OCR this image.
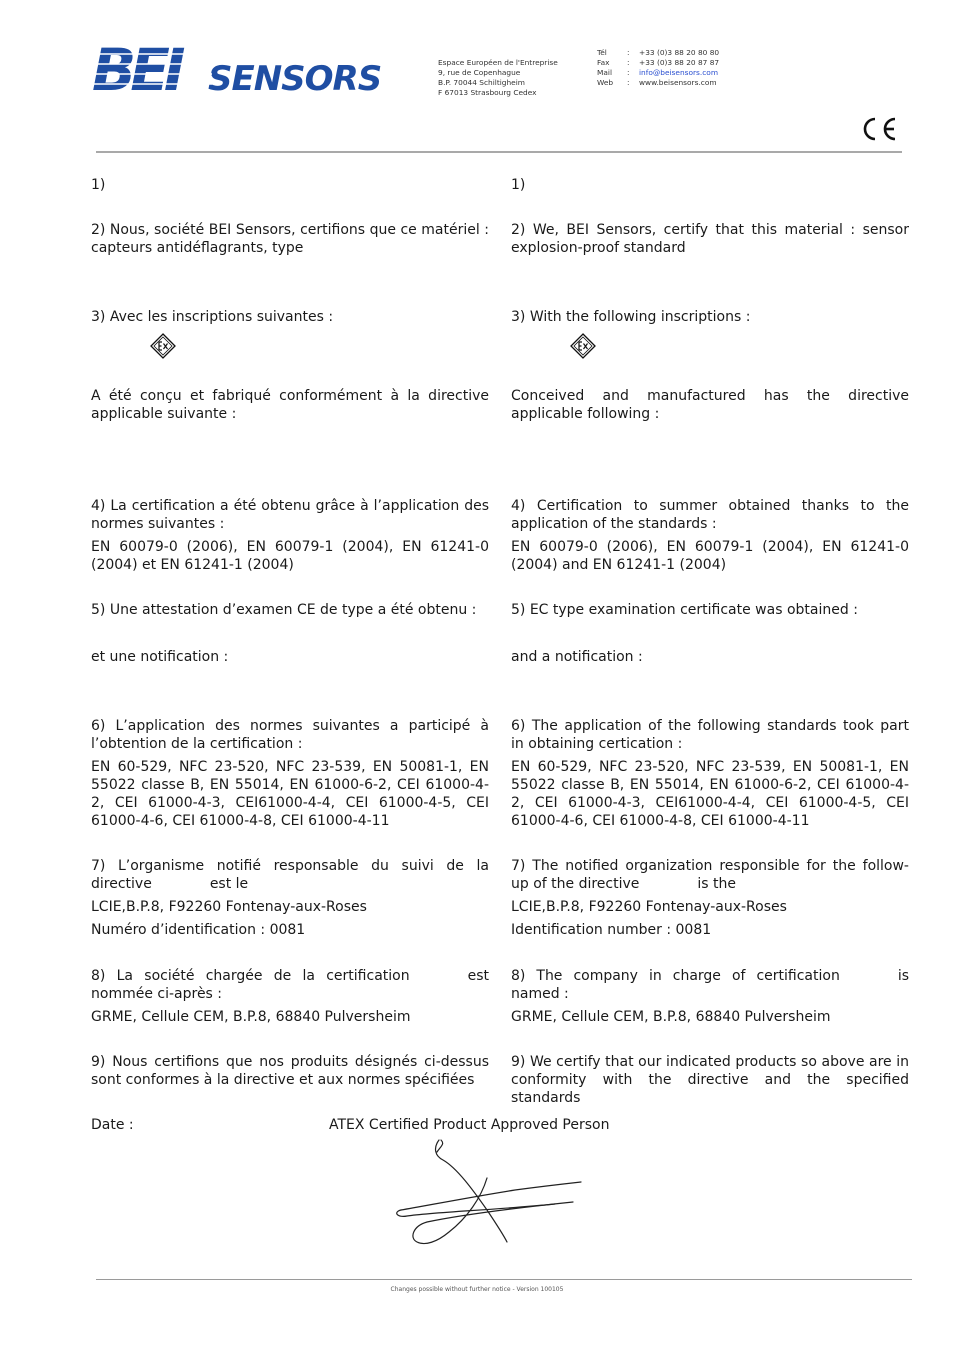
BEI SENSORS	Espace Européen de l'Entreprise
9, rue de Copenhague
B.P. 70044 Schiltigheim
F 67013 Strasbourg Cedex
Tél	:	+33 (0)3 88 20 80 80
Fax	:	+33 (0)3 88 20 87 87
Mail	:	info@beisensors.com
Web	:	www.beisensors.com
1)
2) Nous, société BEI Sensors, certifions que ce matériel : capteurs antidéflagrants, type
3) Avec les inscriptions suivantes :
A été conçu et fabriqué conformément à la directive applicable suivante :
4) La certification a été obtenu grâce à l’application des normes suivantes :
EN 60079-0 (2006), EN 60079-1 (2004), EN 61241-0 (2004) et EN 61241-1 (2004)
5) Une attestation d’examen CE de type a été obtenu :
et une notification :
6) L’application des normes suivantes a participé à l’obtention de la certification :
EN 60-529, NFC 23-520, NFC 23-539, EN 50081-1, EN 55022 classe B, EN 55014, EN 61000-6-2, CEI 61000-4-2, CEI 61000-4-3, CEI61000-4-4, CEI 61000-4-5, CEI 61000-4-6, CEI 61000-4-8, CEI 61000-4-11
7) L’organisme notifié responsable du suivi de la directive	est le
LCIE,B.P.8, F92260 Fontenay-aux-Roses
Numéro d’identification : 0081
8) La société chargée de la certification	est nommée ci-après :
GRME, Cellule CEM, B.P.8, 68840 Pulversheim
9) Nous certifions que nos produits désignés ci-dessus sont conformes à la directive et aux normes spécifiées
1)
2) We, BEI Sensors, certify that this material : sensor explosion-proof standard
3) With the following inscriptions :
Conceived and manufactured has the directive applicable following :
4) Certification to summer obtained thanks to the application of the standards :
EN 60079-0 (2006), EN 60079-1 (2004), EN 61241-0 (2004) and EN 61241-1 (2004)
5) EC type examination certificate was obtained :
and a notification :
6) The application of the following standards took part in obtaining certication :
EN 60-529, NFC 23-520, NFC 23-539, EN 50081-1, EN 55022 classe B, EN 55014, EN 61000-6-2, CEI 61000-4-2, CEI 61000-4-3, CEI61000-4-4, CEI 61000-4-5, CEI 61000-4-6, CEI 61000-4-8, CEI 61000-4-11
7) The notified organization responsible for the follow-up of the directive	is the
LCIE,B.P.8, F92260 Fontenay-aux-Roses
Identification number : 0081
8) The company in charge of certification	is named :
GRME, Cellule CEM, B.P.8, 68840 Pulversheim
9) We certify that our indicated products so above are in conformity with the directive and the specified standards
Date :	ATEX Certified Product Approved Person
Changes possible without further notice - Version 100105
